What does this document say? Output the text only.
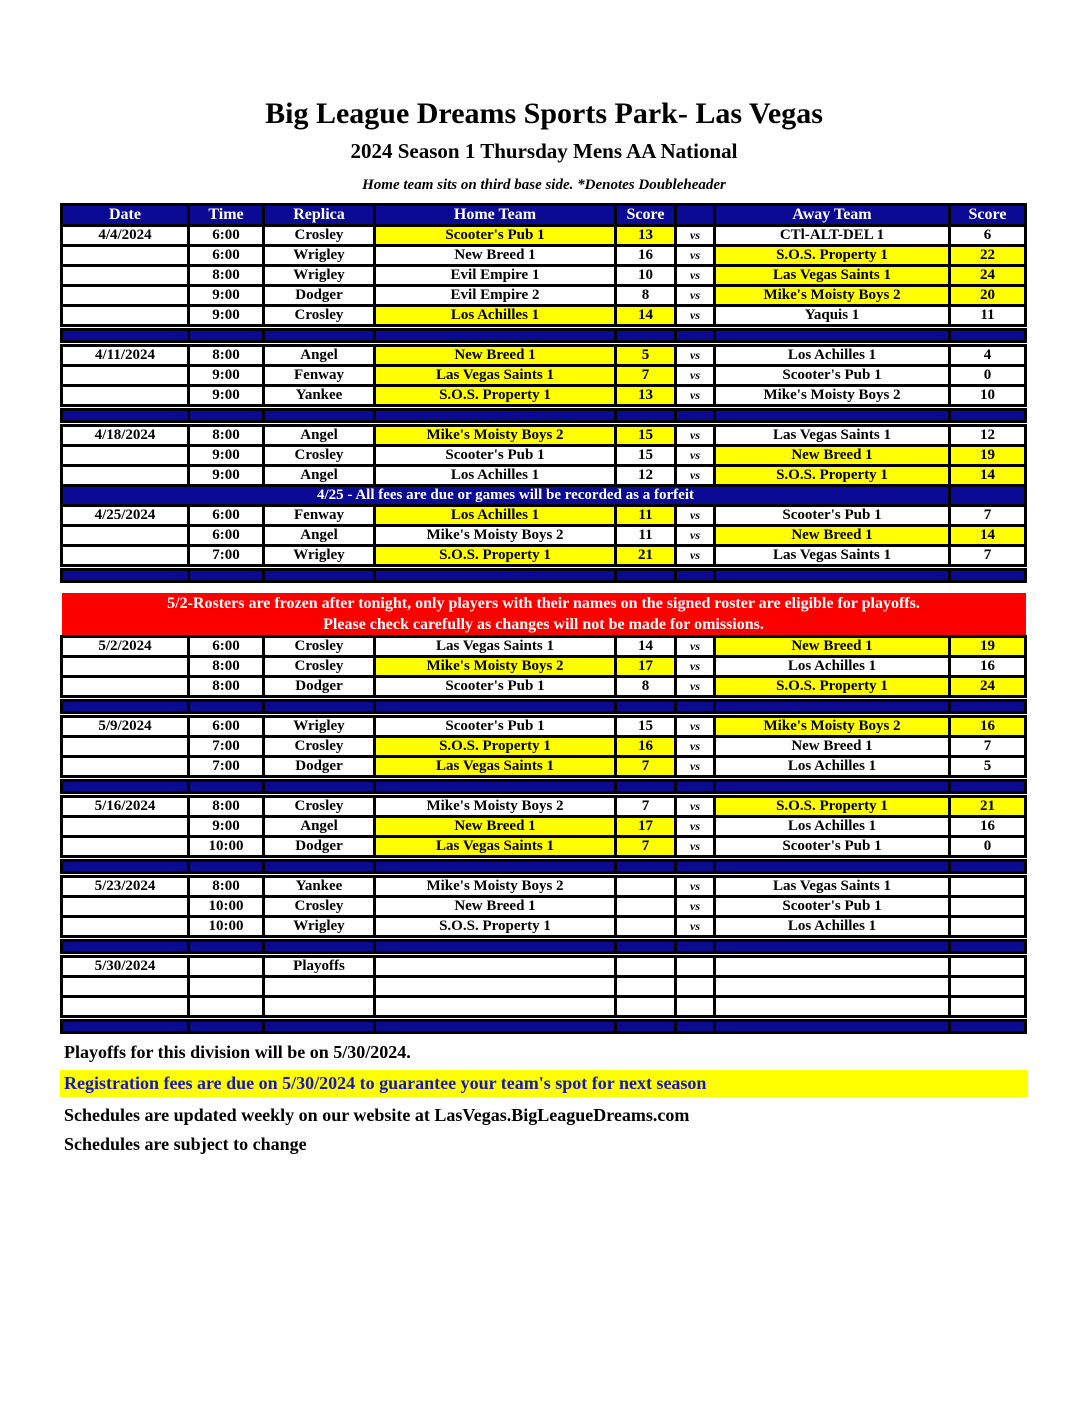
Big League Dreams Sports Park- Las Vegas
2024 Season 1 Thursday Mens AA National
Home team sits on third base side. *Denotes Doubleheader
Date	Time	Replica	Home Team	Score		Away Team	Score
4/4/2024	6:00	Crosley	Scooter's Pub 1	13	vs	CTl-ALT-DEL 1	6
	6:00	Wrigley	New Breed 1	16	vs	S.O.S. Property 1	22
	8:00	Wrigley	Evil Empire 1	10	vs	Las Vegas Saints 1	24
	9:00	Dodger	Evil Empire 2	8	vs	Mike's Moisty Boys 2	20
	9:00	Crosley	Los Achilles 1	14	vs	Yaquis 1	11

4/11/2024	8:00	Angel	New Breed 1	5	vs	Los Achilles 1	4
	9:00	Fenway	Las Vegas Saints 1	7	vs	Scooter's Pub 1	0
	9:00	Yankee	S.O.S. Property 1	13	vs	Mike's Moisty Boys 2	10

4/18/2024	8:00	Angel	Mike's Moisty Boys 2	15	vs	Las Vegas Saints 1	12
	9:00	Crosley	Scooter's Pub 1	15	vs	New Breed 1	19
	9:00	Angel	Los Achilles 1	12	vs	S.O.S. Property 1	14
4/25 - All fees are due or games will be recorded as a forfeit							
4/25/2024	6:00	Fenway	Los Achilles 1	11	vs	Scooter's Pub 1	7
	6:00	Angel	Mike's Moisty Boys 2	11	vs	New Breed 1	14
	7:00	Wrigley	S.O.S. Property 1	21	vs	Las Vegas Saints 1	7

5/2-Rosters are frozen after tonight, only players with their names on the signed roster are eligible for playoffs.
Please check carefully as changes will not be made for omissions.							

5/2/2024	6:00	Crosley	Las Vegas Saints 1	14	vs	New Breed 1	19
	8:00	Crosley	Mike's Moisty Boys 2	17	vs	Los Achilles 1	16
	8:00	Dodger	Scooter's Pub 1	8	vs	S.O.S. Property 1	24

5/9/2024	6:00	Wrigley	Scooter's Pub 1	15	vs	Mike's Moisty Boys 2	16
	7:00	Crosley	S.O.S. Property 1	16	vs	New Breed 1	7
	7:00	Dodger	Las Vegas Saints 1	7	vs	Los Achilles 1	5

5/16/2024	8:00	Crosley	Mike's Moisty Boys 2	7	vs	S.O.S. Property 1	21
	9:00	Angel	New Breed 1	17	vs	Los Achilles 1	16
	10:00	Dodger	Las Vegas Saints 1	7	vs	Scooter's Pub 1	0

5/23/2024	8:00	Yankee	Mike's Moisty Boys 2		vs	Las Vegas Saints 1	
	10:00	Crosley	New Breed 1		vs	Scooter's Pub 1	
	10:00	Wrigley	S.O.S. Property 1		vs	Los Achilles 1	

5/30/2024		Playoffs					

Playoffs for this division will be on 5/30/2024.
Registration fees are due on 5/30/2024 to guarantee your team's spot for next season
Schedules are updated weekly on our website at LasVegas.BigLeagueDreams.com
Schedules are subject to change
